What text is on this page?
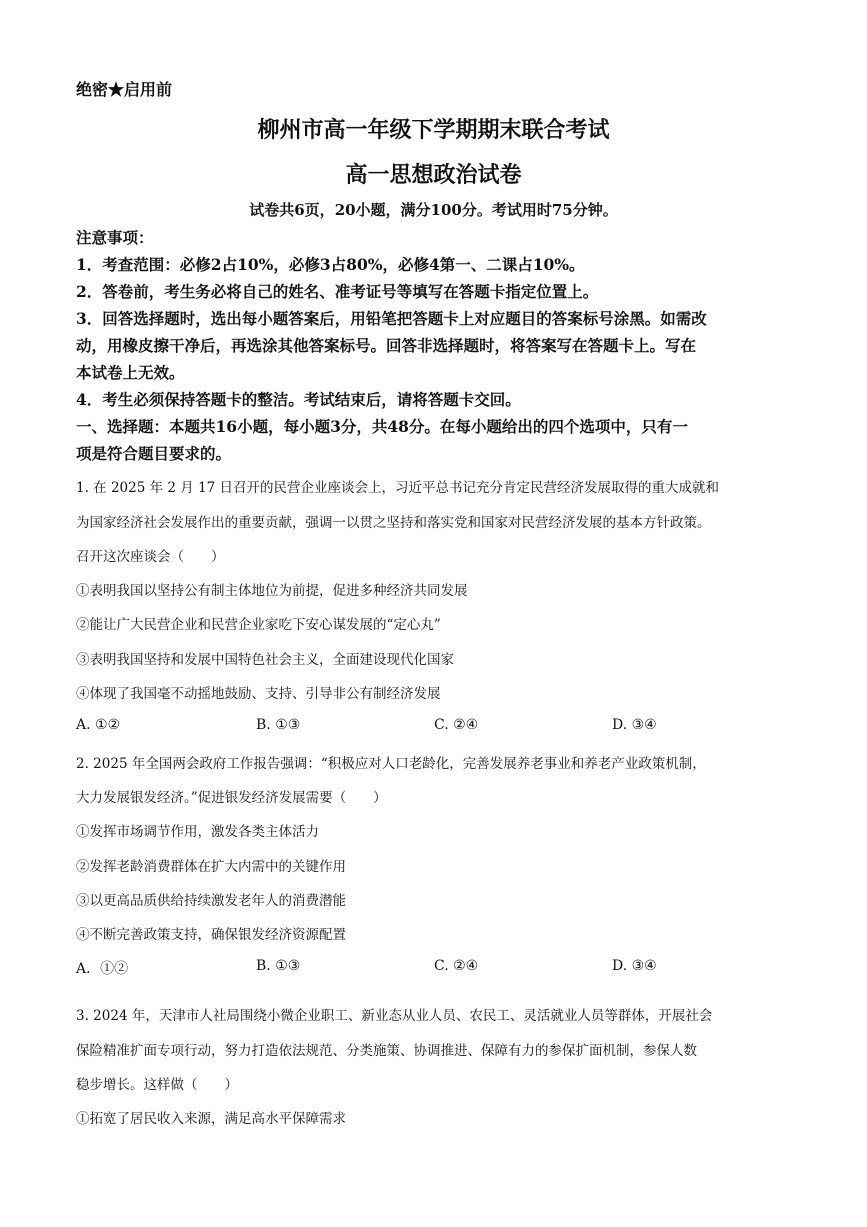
绝密★启用前
柳州市高一年级下学期期末联合考试
高一思想政治试卷
试卷共6页，20小题，满分100分。考试用时75分钟。
注意事项：
1．考查范围：必修2占10%，必修3占80%，必修4第一、二课占10%。
2．答卷前，考生务必将自己的姓名、准考证号等填写在答题卡指定位置上。
3．回答选择题时，选出每小题答案后，用铅笔把答题卡上对应题目的答案标号涂黑。如需改
动，用橡皮擦干净后，再选涂其他答案标号。回答非选择题时，将答案写在答题卡上。写在
本试卷上无效。
4．考生必须保持答题卡的整洁。考试结束后，请将答题卡交回。
一、选择题：本题共16小题，每小题3分，共48分。在每小题给出的四个选项中，只有一
项是符合题目要求的。
1. 在 2025 年 2 月 17 日召开的民营企业座谈会上，习近平总书记充分肯定民营经济发展取得的重大成就和
为国家经济社会发展作出的重要贡献，强调一以贯之坚持和落实党和国家对民营经济发展的基本方针政策。
召开这次座谈会（　　）
①表明我国以坚持公有制主体地位为前提，促进多种经济共同发展
②能让广大民营企业和民营企业家吃下安心谋发展的“定心丸”
③表明我国坚持和发展中国特色社会主义，全面建设现代化国家
④体现了我国毫不动摇地鼓励、支持、引导非公有制经济发展
A. ①②	B. ①③	C. ②④	D. ③④
2. 2025 年全国两会政府工作报告强调：“积极应对人口老龄化，完善发展养老事业和养老产业政策机制，
大力发展银发经济。”促进银发经济发展需要（　　）
①发挥市场调节作用，激发各类主体活力
②发挥老龄消费群体在扩大内需中的关键作用
③以更高品质供给持续激发老年人的消费潜能
④不断完善政策支持，确保银发经济资源配置
A．①②	B. ①③	C. ②④	D. ③④
3. 2024 年，天津市人社局围绕小微企业职工、新业态从业人员、农民工、灵活就业人员等群体，开展社会
保险精准扩面专项行动，努力打造依法规范、分类施策、协调推进、保障有力的参保扩面机制，参保人数
稳步增长。这样做（　　）
①拓宽了居民收入来源，满足高水平保障需求
